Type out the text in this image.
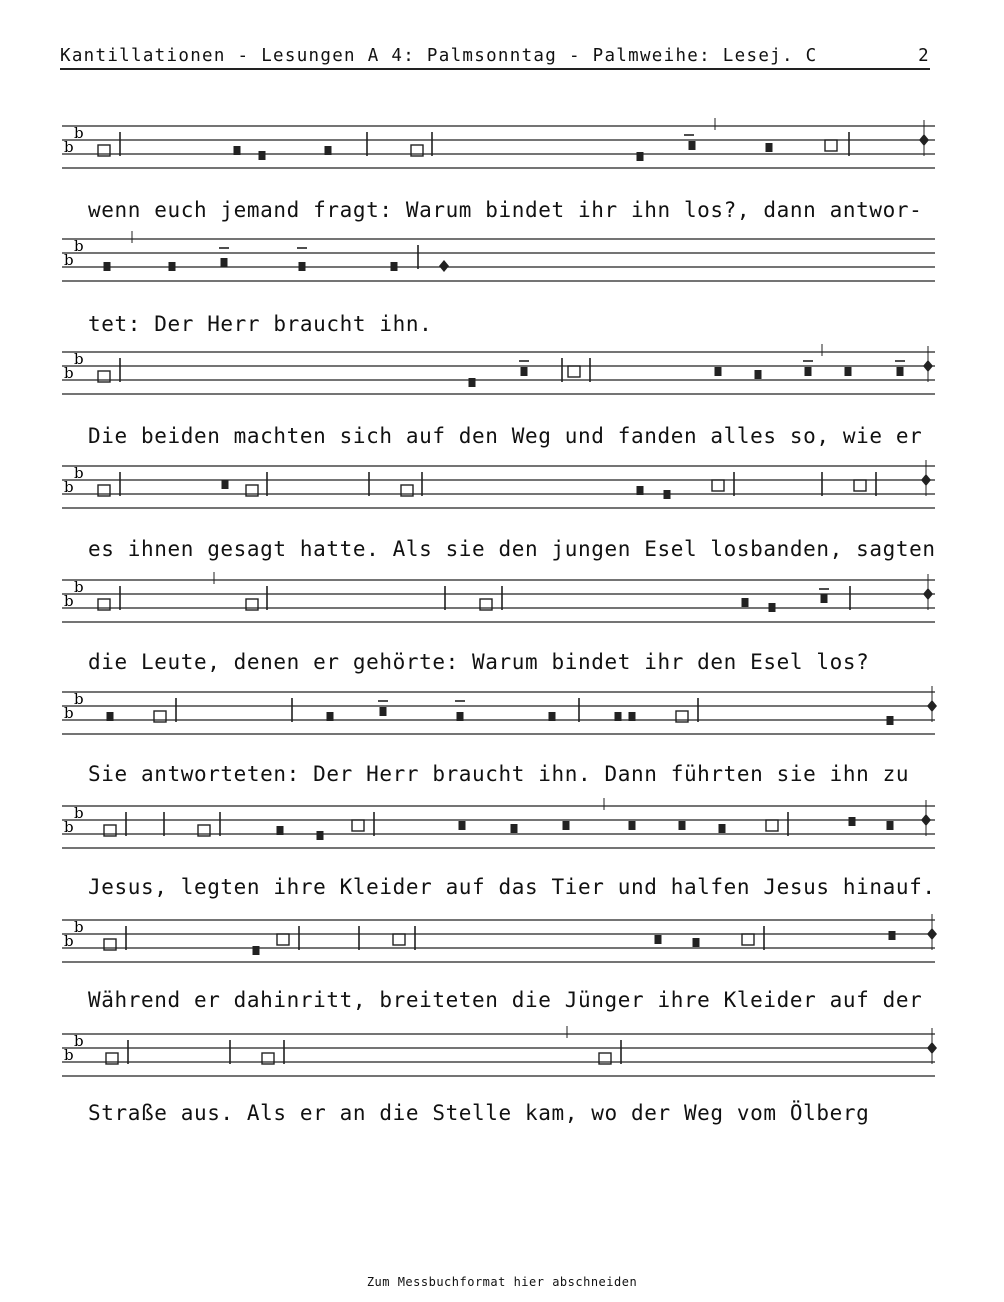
Kantillationen - Lesungen A 4: Palmsonntag - Palmweihe: Lesej. C	2
b
b
wenn euch jemand fragt: Warum bindet ihr ihn los?, dann antwor-
b
b
tet: Der Herr braucht ihn.
b
b
Die beiden machten sich auf den Weg und fanden alles so, wie er
b
b
es ihnen gesagt hatte. Als sie den jungen Esel losbanden, sagten
b
b
die Leute, denen er gehörte: Warum bindet ihr den Esel los?
b
b
Sie antworteten: Der Herr braucht ihn. Dann führten sie ihn zu
b
b
Jesus, legten ihre Kleider auf das Tier und halfen Jesus hinauf.
b
b
Während er dahinritt, breiteten die Jünger ihre Kleider auf der
b
b
Straße aus. Als er an die Stelle kam, wo der Weg vom Ölberg
Zum Messbuchformat hier abschneiden
